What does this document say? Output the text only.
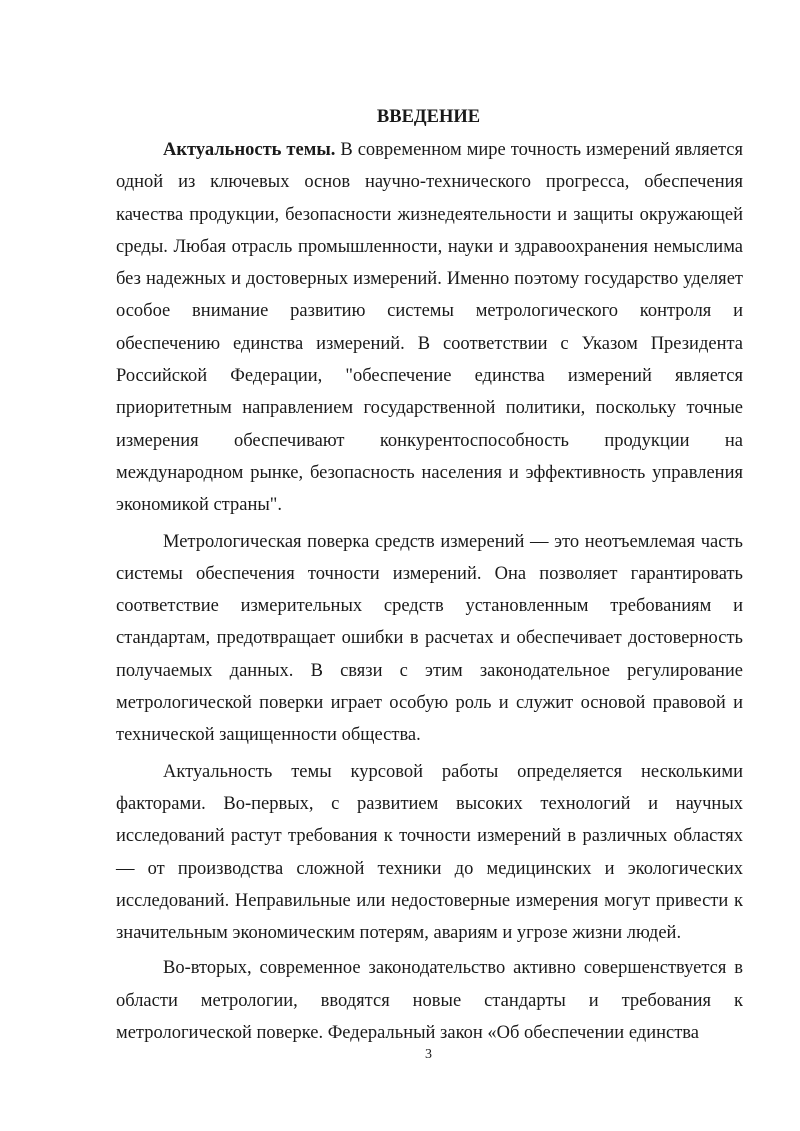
ВВЕДЕНИЕ

Актуальность темы. В современном мире точность измерений является одной из ключевых основ научно-технического прогресса, обеспечения качества продукции, безопасности жизнедеятельности и защиты окружающей среды. Любая отрасль промышленности, науки и здравоохранения немыслима без надежных и достоверных измерений. Именно поэтому государство уделяет особое внимание развитию системы метрологического контроля и обеспечению единства измерений. В соответствии с Указом Президента Российской Федерации, "обеспечение единства измерений является приоритетным направлением государственной политики, поскольку точные измерения обеспечивают конкурентоспособность продукции на международном рынке, безопасность населения и эффективность управления экономикой страны".

Метрологическая поверка средств измерений — это неотъемлемая часть системы обеспечения точности измерений. Она позволяет гарантировать соответствие измерительных средств установленным требованиям и стандартам, предотвращает ошибки в расчетах и обеспечивает достоверность получаемых данных. В связи с этим законодательное регулирование метрологической поверки играет особую роль и служит основой правовой и технической защищенности общества.

Актуальность темы курсовой работы определяется несколькими факторами. Во-первых, с развитием высоких технологий и научных исследований растут требования к точности измерений в различных областях — от производства сложной техники до медицинских и экологических исследований. Неправильные или недостоверные измерения могут привести к значительным экономическим потерям, авариям и угрозе жизни людей.

Во-вторых, современное законодательство активно совершенствуется в области метрологии, вводятся новые стандарты и требования к метрологической поверке. Федеральный закон «Об обеспечении единства

3
